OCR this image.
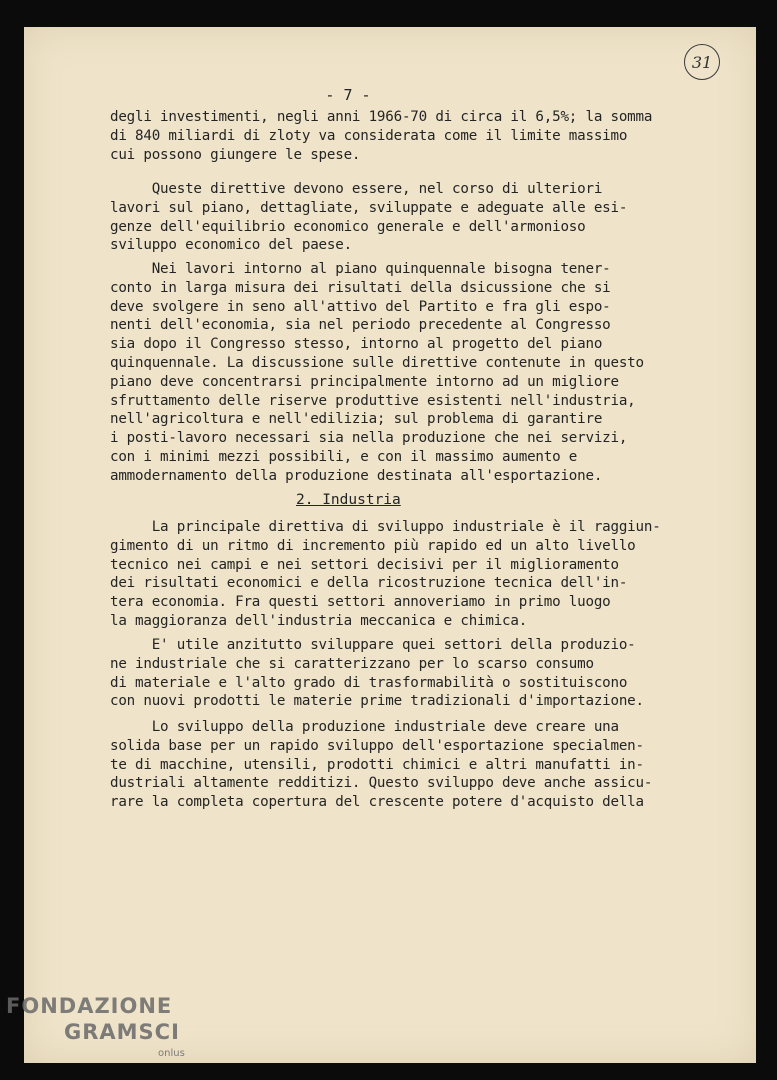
31
- 7 -
degli investimenti, negli anni 1966-70 di circa il 6,5%; la somma
di 840 miliardi di zloty va considerata come il limite massimo
cui possono giungere le spese.
Queste direttive devono essere, nel corso di ulteriori
lavori sul piano, dettagliate, sviluppate e adeguate alle esi-
genze dell'equilibrio economico generale e dell'armonioso
sviluppo economico del paese.
Nei lavori intorno al piano quinquennale bisogna tener-
conto in larga misura dei risultati della dsicussione che si
deve svolgere in seno all'attivo del Partito e fra gli espo-
nenti dell'economia, sia nel periodo precedente al Congresso
sia dopo il Congresso stesso, intorno al progetto del piano
quinquennale. La discussione sulle direttive contenute in questo
piano deve concentrarsi principalmente intorno ad un migliore
sfruttamento delle riserve produttive esistenti nell'industria,
nell'agricoltura e nell'edilizia; sul problema di garantire
i posti-lavoro necessari sia nella produzione che nei servizi,
con i minimi mezzi possibili, e con il massimo aumento e
ammodernamento della produzione destinata all'esportazione.
2. Industria
La principale direttiva di sviluppo industriale è il raggiun-
gimento di un ritmo di incremento più rapido ed un alto livello
tecnico nei campi e nei settori decisivi per il miglioramento
dei risultati economici e della ricostruzione tecnica dell'in-
tera economia. Fra questi settori annoveriamo in primo luogo
la maggioranza dell'industria meccanica e chimica.
E' utile anzitutto sviluppare quei settori della produzio-
ne industriale che si caratterizzano per lo scarso consumo
di materiale e l'alto grado di trasformabilità o sostituiscono
con nuovi prodotti le materie prime tradizionali d'importazione.
Lo sviluppo della produzione industriale deve creare una
solida base per un rapido sviluppo dell'esportazione specialmen-
te di macchine, utensili, prodotti chimici e altri manufatti in-
dustriali altamente redditizi. Questo sviluppo deve anche assicu-
rare la completa copertura del crescente potere d'acquisto della
FONDAZIONE
GRAMSCI
onlus
